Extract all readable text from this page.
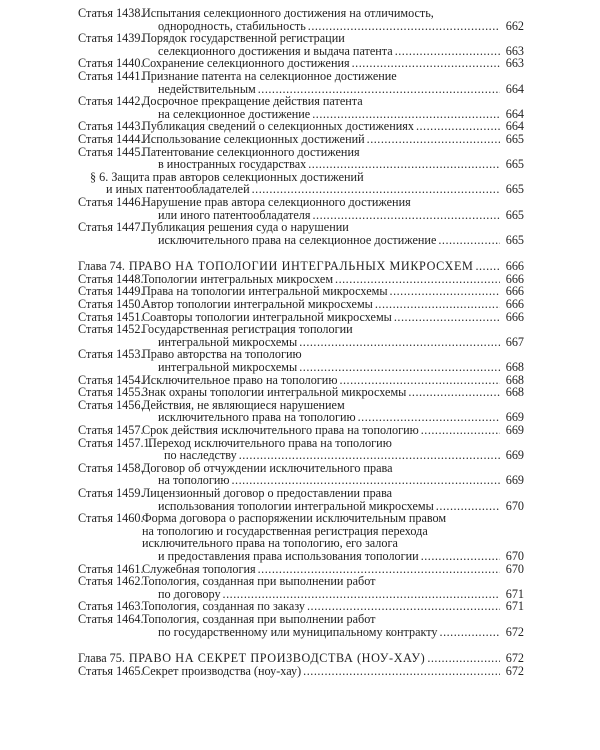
Статья 1438.
Испытания селекционного достижения на отличимость,
однородность, стабильность .....	662
Статья 1439.
Порядок государственной регистрации
селекционного достижения и выдача патента .....	663
Статья 1440.
Сохранение селекционного достижения .....	663
Статья 1441.
Признание патента на селекционное достижение
недействительным .....	664
Статья 1442.
Досрочное прекращение действия патента
на селекционное достижение .....	664
Статья 1443.
Публикация сведений о селекционных достижениях .....	664
Статья 1444.
Использование селекционных достижений .....	665
Статья 1445.
Патентование селекционного достижения
в иностранных государствах .....	665
§ 6. Защита прав авторов селекционных достижений
и иных патентообладателей .....	665
Статья 1446.
Нарушение прав автора селекционного достижения
или иного патентообладателя .....	665
Статья 1447.
Публикация решения суда о нарушении
исключительного права на селекционное достижение .....	665
Глава 74. ПРАВО НА ТОПОЛОГИИ ИНТЕГРАЛЬНЫХ МИКРОСХЕМ .....	666
Статья 1448.
Топологии интегральных микросхем .....	666
Статья 1449.
Права на топологии интегральной микросхемы .....	666
Статья 1450.
Автор топологии интегральной микросхемы .....	666
Статья 1451.
Соавторы топологии интегральной микросхемы .....	666
Статья 1452.
Государственная регистрация топологии
интегральной микросхемы .....	667
Статья 1453.
Право авторства на топологию
интегральной микросхемы .....	668
Статья 1454.
Исключительное право на топологию .....	668
Статья 1455.
Знак охраны топологии интегральной микросхемы .....	668
Статья 1456.
Действия, не являющиеся нарушением
исключительного права на топологию .....	669
Статья 1457.
Срок действия исключительного права на топологию .....	669
Статья 1457.1.
Переход исключительного права на топологию
по наследству .....	669
Статья 1458.
Договор об отчуждении исключительного права
на топологию .....	669
Статья 1459.
Лицензионный договор о предоставлении права
использования топологии интегральной микросхемы .....	670
Статья 1460.
Форма договора о распоряжении исключительным правом
на топологию и государственная регистрация перехода
исключительного права на топологию, его залога
и предоставления права использования топологии .....	670
Статья 1461.
Служебная топология .....	670
Статья 1462.
Топология, созданная при выполнении работ
по договору .....	671
Статья 1463.
Топология, созданная по заказу .....	671
Статья 1464.
Топология, созданная при выполнении работ
по государственному или муниципальному контракту .....	672
Глава 75. ПРАВО НА СЕКРЕТ ПРОИЗВОДСТВА (НОУ-ХАУ) .....	672
Статья 1465.
Секрет производства (ноу-хау) .....	672
